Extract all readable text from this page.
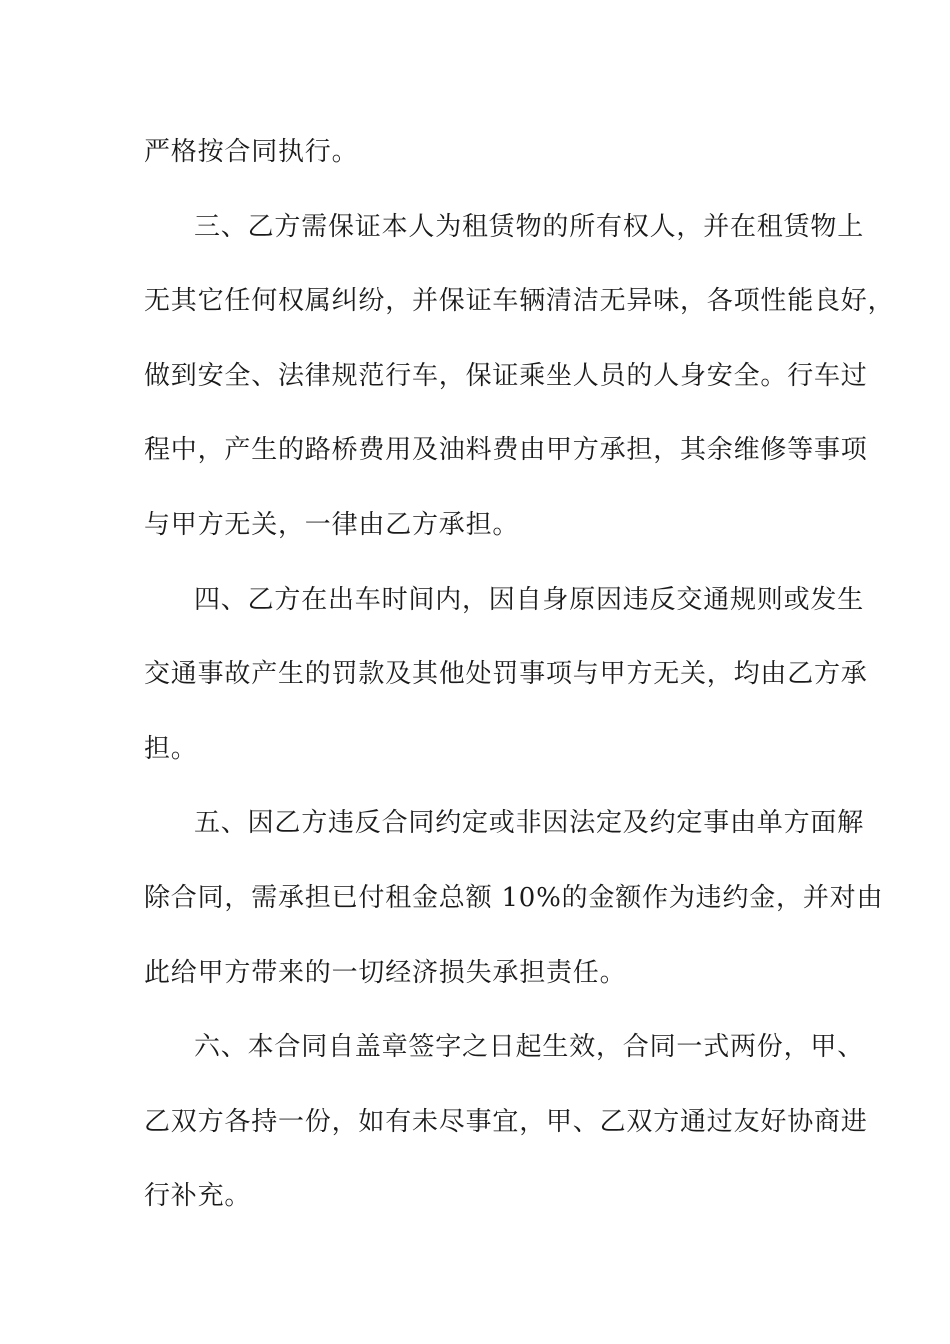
严格按合同执行。
三、乙方需保证本人为租赁物的所有权人，并在租赁物上
无其它任何权属纠纷，并保证车辆清洁无异味，各项性能良好，
做到安全、法律规范行车，保证乘坐人员的人身安全。行车过
程中，产生的路桥费用及油料费由甲方承担，其余维修等事项
与甲方无关，一律由乙方承担。
四、乙方在出车时间内，因自身原因违反交通规则或发生
交通事故产生的罚款及其他处罚事项与甲方无关，均由乙方承
担。
五、因乙方违反合同约定或非因法定及约定事由单方面解
除合同，需承担已付租金总额 10%的金额作为违约金，并对由
此给甲方带来的一切经济损失承担责任。
六、本合同自盖章签字之日起生效，合同一式两份，甲、
乙双方各持一份，如有未尽事宜，甲、乙双方通过友好协商进
行补充。
